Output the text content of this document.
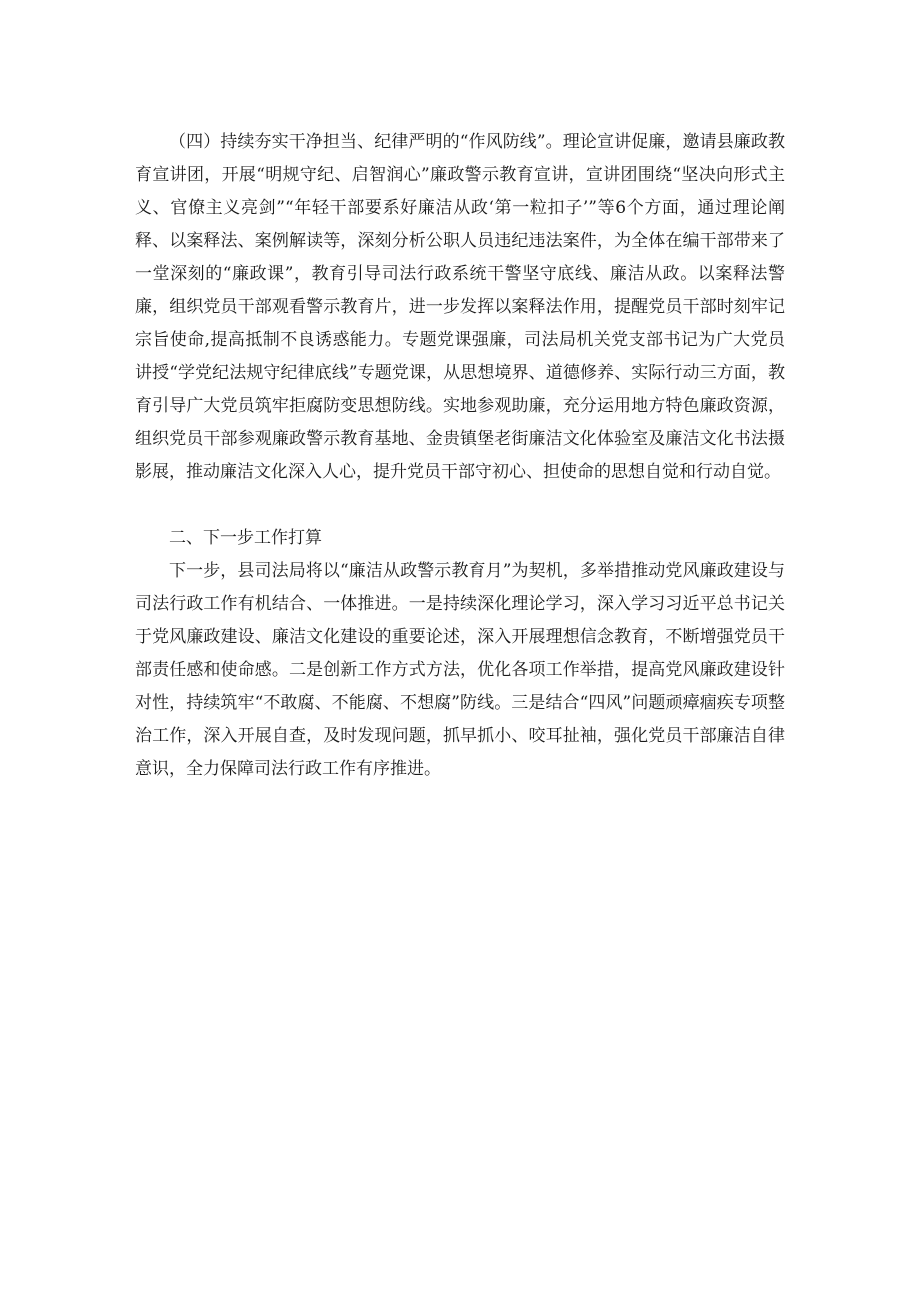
（四）持续夯实干净担当、纪律严明的“作风防线”。理论宣讲促廉，邀请县廉政教育宣讲团，开展“明规守纪、启智润心”廉政警示教育宣讲，宣讲团围绕“坚决向形式主义、官僚主义亮剑”“年轻干部要系好廉洁从政‘第一粒扣子’”等6个方面，通过理论阐释、以案释法、案例解读等，深刻分析公职人员违纪违法案件，为全体在编干部带来了一堂深刻的“廉政课”，教育引导司法行政系统干警坚守底线、廉洁从政。以案释法警廉，组织党员干部观看警示教育片，进一步发挥以案释法作用，提醒党员干部时刻牢记宗旨使命,提高抵制不良诱惑能力。专题党课强廉，司法局机关党支部书记为广大党员讲授“学党纪法规守纪律底线”专题党课，从思想境界、道德修养、实际行动三方面，教育引导广大党员筑牢拒腐防变思想防线。实地参观助廉，充分运用地方特色廉政资源，组织党员干部参观廉政警示教育基地、金贵镇堡老街廉洁文化体验室及廉洁文化书法摄影展，推动廉洁文化深入人心，提升党员干部守初心、担使命的思想自觉和行动自觉。

二、下一步工作打算

下一步，县司法局将以“廉洁从政警示教育月”为契机，多举措推动党风廉政建设与司法行政工作有机结合、一体推进。一是持续深化理论学习，深入学习习近平总书记关于党风廉政建设、廉洁文化建设的重要论述，深入开展理想信念教育，不断增强党员干部责任感和使命感。二是创新工作方式方法，优化各项工作举措，提高党风廉政建设针对性，持续筑牢“不敢腐、不能腐、不想腐”防线。三是结合“四风”问题顽瘴痼疾专项整治工作，深入开展自查，及时发现问题，抓早抓小、咬耳扯袖，强化党员干部廉洁自律意识，全力保障司法行政工作有序推进。
